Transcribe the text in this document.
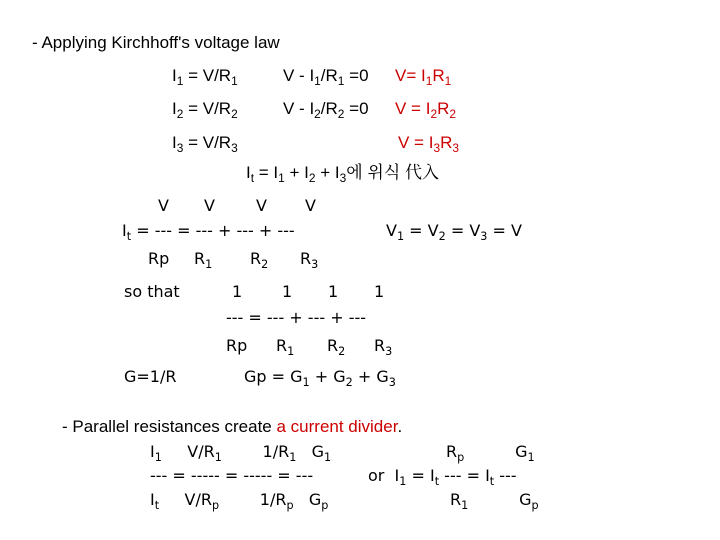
- Applying Kirchhoff's voltage law
$I_1 = V/R_1$	$V - I_1/R_1 =0$ $V= I_1R_1$
$I_2 = V/R_2$	$V - I_2/R_2 =0$ $V = I_2R_2$
$I_3 = V/R_3$	$V = I_3R_3$
$I_t = I_1 + I_2 + I_3$에 위식 代入
V V	V V
$I_t$ = --- = --- + --- + ---	$V_1 = V_2 = V_3 = V$
Rp $R_1$ $R_2$ $R_3$
so that	1 1 1 1
--- = --- + --- + ---
Rp $R_1$ $R_2$ $R_3$
G=1/R	$Gp = G_1 + G_2 + G_3$
- Parallel resistances create a current divider.
$I_1$     $V/R_1$        $1/R_1$   $G_1$
--- = ----- = ----- = ---
$I_t$     $V/R_p$        $1/R_p$   $G_p$
$R_p$          $G_1$
or  $I_1 = I_t$ --- = $I_t$ ---
$R_1$          $G_p$
